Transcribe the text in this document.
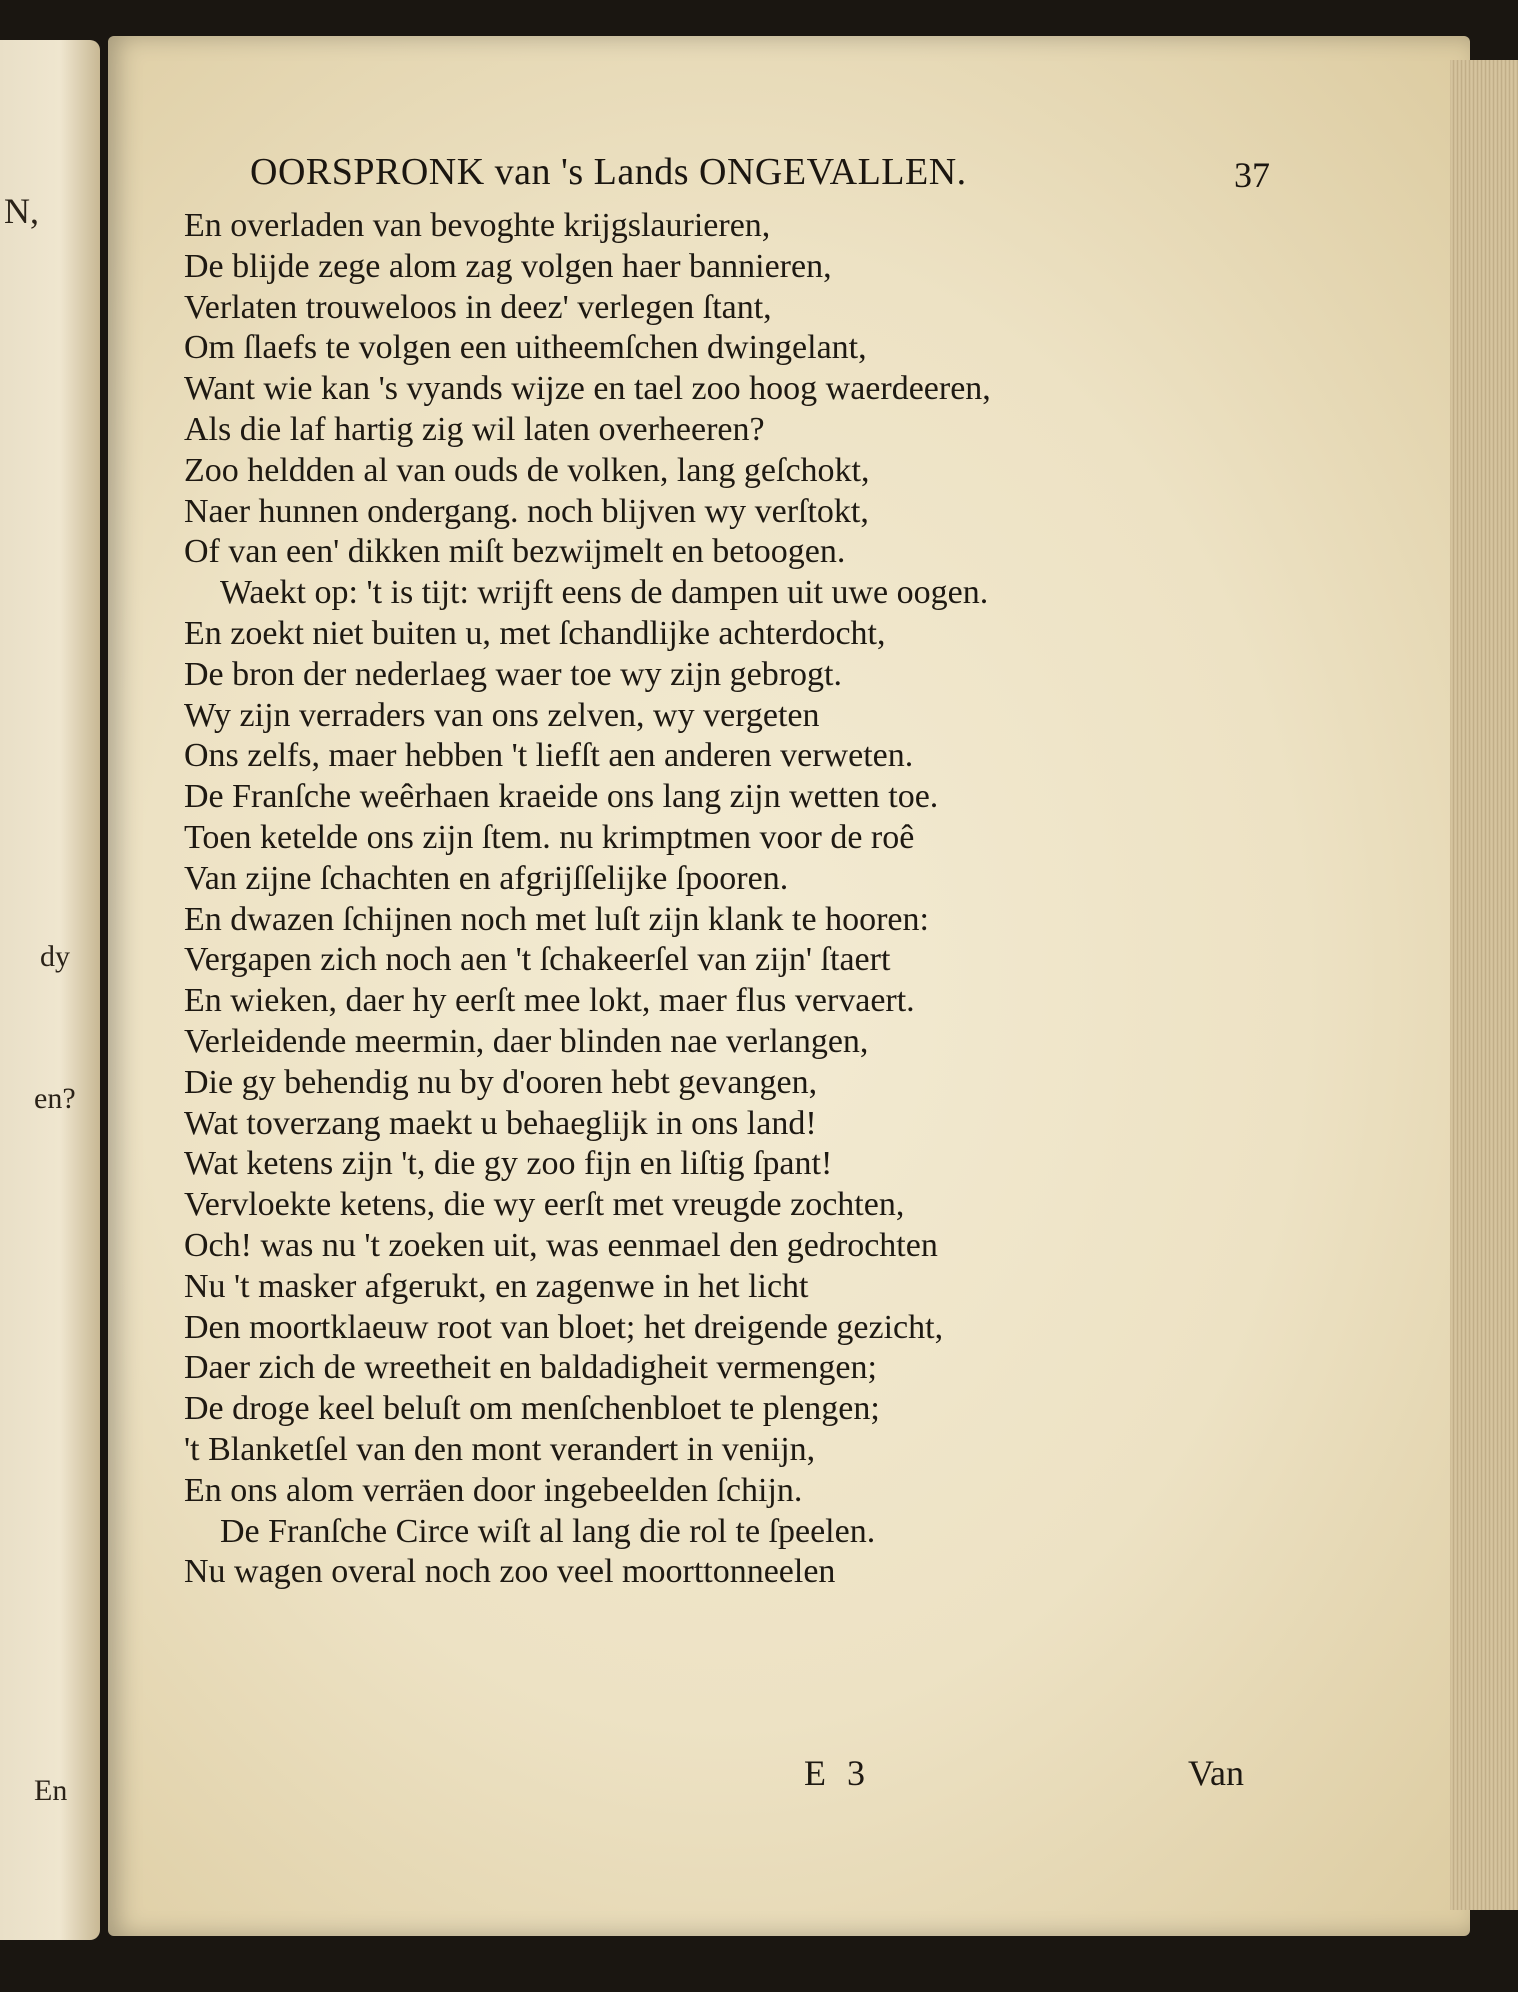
N,
dy
en?
En
OORSPRONK van 's Lands ONGEVALLEN.	37
En overladen van bevoghte krijgslaurieren,
De blijde zege alom zag volgen haer bannieren,
Verlaten trouweloos in deez' verlegen ſtant,
Om ſlaefs te volgen een uitheemſchen dwingelant,
Want wie kan 's vyands wijze en tael zoo hoog waerdeeren,
Als die laf hartig zig wil laten overheeren?
Zoo heldden al van ouds de volken, lang geſchokt,
Naer hunnen ondergang. noch blijven wy verſtokt,
Of van een' dikken miſt bezwijmelt en betoogen.
Waekt op: 't is tijt: wrijft eens de dampen uit uwe oogen.
En zoekt niet buiten u, met ſchandlijke achterdocht,
De bron der nederlaeg waer toe wy zijn gebrogt.
Wy zijn verraders van ons zelven, wy vergeten
Ons zelfs, maer hebben 't liefſt aen anderen verweten.
De Franſche weêrhaen kraeide ons lang zijn wetten toe.
Toen ketelde ons zijn ſtem. nu krimptmen voor de roê
Van zijne ſchachten en afgrijſſelijke ſpooren.
En dwazen ſchijnen noch met luſt zijn klank te hooren:
Vergapen zich noch aen 't ſchakeerſel van zijn' ſtaert
En wieken, daer hy eerſt mee lokt, maer flus vervaert.
Verleidende meermin, daer blinden nae verlangen,
Die gy behendig nu by d'ooren hebt gevangen,
Wat toverzang maekt u behaeglijk in ons land!
Wat ketens zijn 't, die gy zoo fijn en liſtig ſpant!
Vervloekte ketens, die wy eerſt met vreugde zochten,
Och! was nu 't zoeken uit, was eenmael den gedrochten
Nu 't masker afgerukt, en zagenwe in het licht
Den moortklaeuw root van bloet; het dreigende gezicht,
Daer zich de wreetheit en baldadigheit vermengen;
De droge keel beluſt om menſchenbloet te plengen;
't Blanketſel van den mont verandert in venijn,
En ons alom verräen door ingebeelden ſchijn.
De Franſche Circe wiſt al lang die rol te ſpeelen.
Nu wagen overal noch zoo veel moorttonneelen
E 3	Van
